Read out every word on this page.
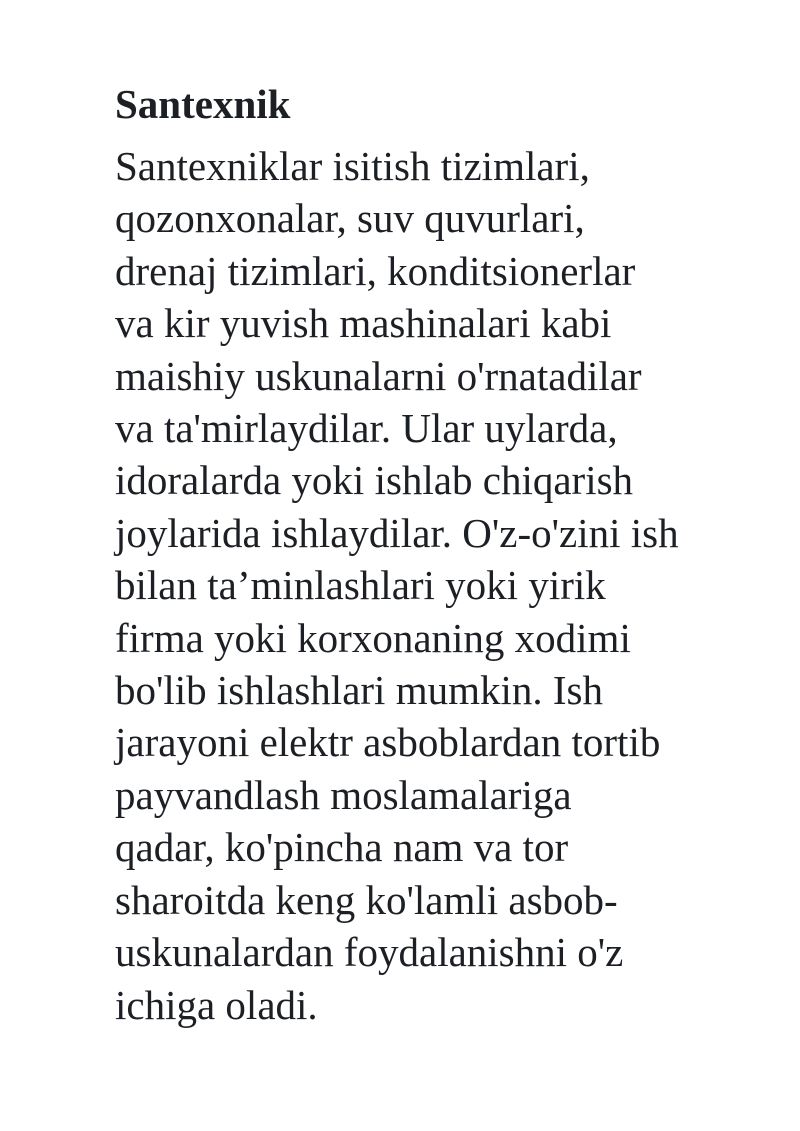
Santexnik

Santexniklar isitish tizimlari,
qozonxonalar, suv quvurlari,
drenaj tizimlari, konditsionerlar
va kir yuvish mashinalari kabi
maishiy uskunalarni o'rnatadilar
va ta'mirlaydilar. Ular uylarda,
idoralarda yoki ishlab chiqarish
joylarida ishlaydilar. O'z-o'zini ish
bilan ta’minlashlari yoki yirik
firma yoki korxonaning xodimi
bo'lib ishlashlari mumkin. Ish
jarayoni elektr asboblardan tortib
payvandlash moslamalariga
qadar, ko'pincha nam va tor
sharoitda keng ko'lamli asbob-
uskunalardan foydalanishni o'z
ichiga oladi.
